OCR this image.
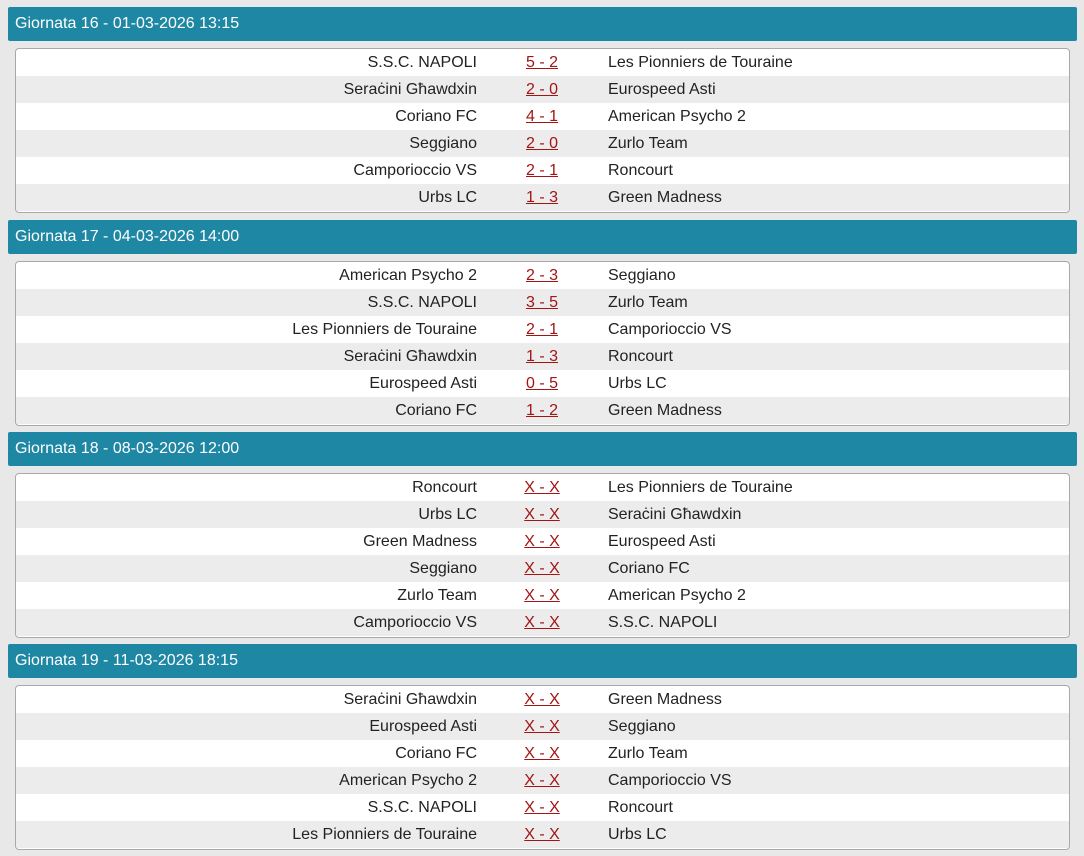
Giornata 16 - 01-03-2026 13:15
S.S.C. NAPOLI	5 - 2	Les Pionniers de Touraine
Seraċini Għawdxin	2 - 0	Eurospeed Asti
Coriano FC	4 - 1	American Psycho 2
Seggiano	2 - 0	Zurlo Team
Camporioccio VS	2 - 1	Roncourt
Urbs LC	1 - 3	Green Madness
Giornata 17 - 04-03-2026 14:00
American Psycho 2	2 - 3	Seggiano
S.S.C. NAPOLI	3 - 5	Zurlo Team
Les Pionniers de Touraine	2 - 1	Camporioccio VS
Seraċini Għawdxin	1 - 3	Roncourt
Eurospeed Asti	0 - 5	Urbs LC
Coriano FC	1 - 2	Green Madness
Giornata 18 - 08-03-2026 12:00
Roncourt	X - X	Les Pionniers de Touraine
Urbs LC	X - X	Seraċini Għawdxin
Green Madness	X - X	Eurospeed Asti
Seggiano	X - X	Coriano FC
Zurlo Team	X - X	American Psycho 2
Camporioccio VS	X - X	S.S.C. NAPOLI
Giornata 19 - 11-03-2026 18:15
Seraċini Għawdxin	X - X	Green Madness
Eurospeed Asti	X - X	Seggiano
Coriano FC	X - X	Zurlo Team
American Psycho 2	X - X	Camporioccio VS
S.S.C. NAPOLI	X - X	Roncourt
Les Pionniers de Touraine	X - X	Urbs LC
